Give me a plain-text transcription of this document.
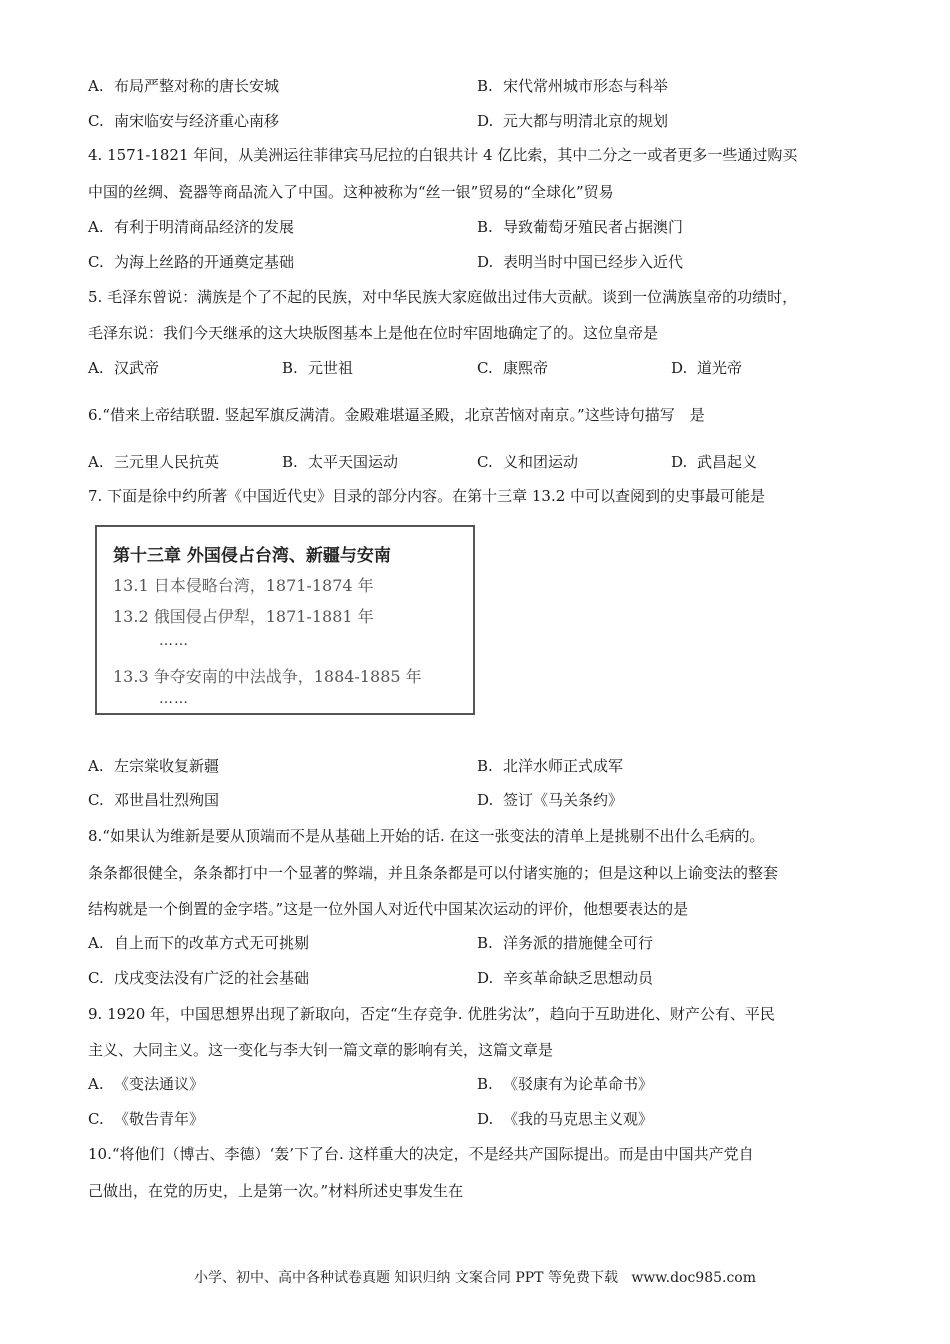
A. 布局严整对称的唐长安城	B. 宋代常州城市形态与科举
C. 南宋临安与经济重心南移	D. 元大都与明清北京的规划
4. 1571-1821 年间，从美洲运往菲律宾马尼拉的白银共计 4 亿比索，其中二分之一或者更多一些通过购买
中国的丝绸、瓷器等商品流入了中国。这种被称为“丝一银”贸易的“全球化”贸易
A. 有利于明清商品经济的发展	B. 导致葡萄牙殖民者占据澳门
C. 为海上丝路的开通奠定基础	D. 表明当时中国已经步入近代
5. 毛泽东曾说：满族是个了不起的民族，对中华民族大家庭做出过伟大贡献。谈到一位满族皇帝的功绩时，
毛泽东说：我们今天继承的这大块版图基本上是他在位时牢固地确定了的。这位皇帝是
A. 汉武帝	B. 元世祖	C. 康熙帝	D. 道光帝
6.“借来上帝结联盟. 竖起军旗反满清。金殿难堪逼圣殿，北京苦恼对南京。”这些诗句描写　是
A. 三元里人民抗英	B. 太平天国运动	C. 义和团运动	D. 武昌起义
7. 下面是徐中约所著《中国近代史》目录的部分内容。在第十三章 13.2 中可以查阅到的史事最可能是
第十三章 外国侵占台湾、新疆与安南
13.1 日本侵略台湾，1871-1874 年
13.2 俄国侵占伊犁，1871-1881 年
……
13.3 争夺安南的中法战争，1884-1885 年
……
A. 左宗棠收复新疆	B. 北洋水师正式成军
C. 邓世昌壮烈殉国	D. 签订《马关条约》
8.“如果认为维新是要从顶端而不是从基础上开始的话. 在这一张变法的清单上是挑剔不出什么毛病的。
条条都很健全，条条都打中一个显著的弊端，并且条条都是可以付诸实施的；但是这种以上谕变法的整套
结构就是一个倒置的金字塔。”这是一位外国人对近代中国某次运动的评价，他想要表达的是
A. 自上而下的改革方式无可挑剔	B. 洋务派的措施健全可行
C. 戊戌变法没有广泛的社会基础	D. 辛亥革命缺乏思想动员
9. 1920 年，中国思想界出现了新取向，否定“生存竞争. 优胜劣汰”，趋向于互助进化、财产公有、平民
主义、大同主义。这一变化与李大钊一篇文章的影响有关，这篇文章是
A. 《变法通议》	B. 《驳康有为论革命书》
C. 《敬告青年》	D. 《我的马克思主义观》
10.“将他们（博古、李德）‘轰’下了台. 这样重大的决定，不是经共产国际提出。而是由中国共产党自
己做出，在党的历史，上是第一次。”材料所述史事发生在
小学、初中、高中各种试卷真题 知识归纳 文案合同 PPT 等免费下载 www.doc985.com
